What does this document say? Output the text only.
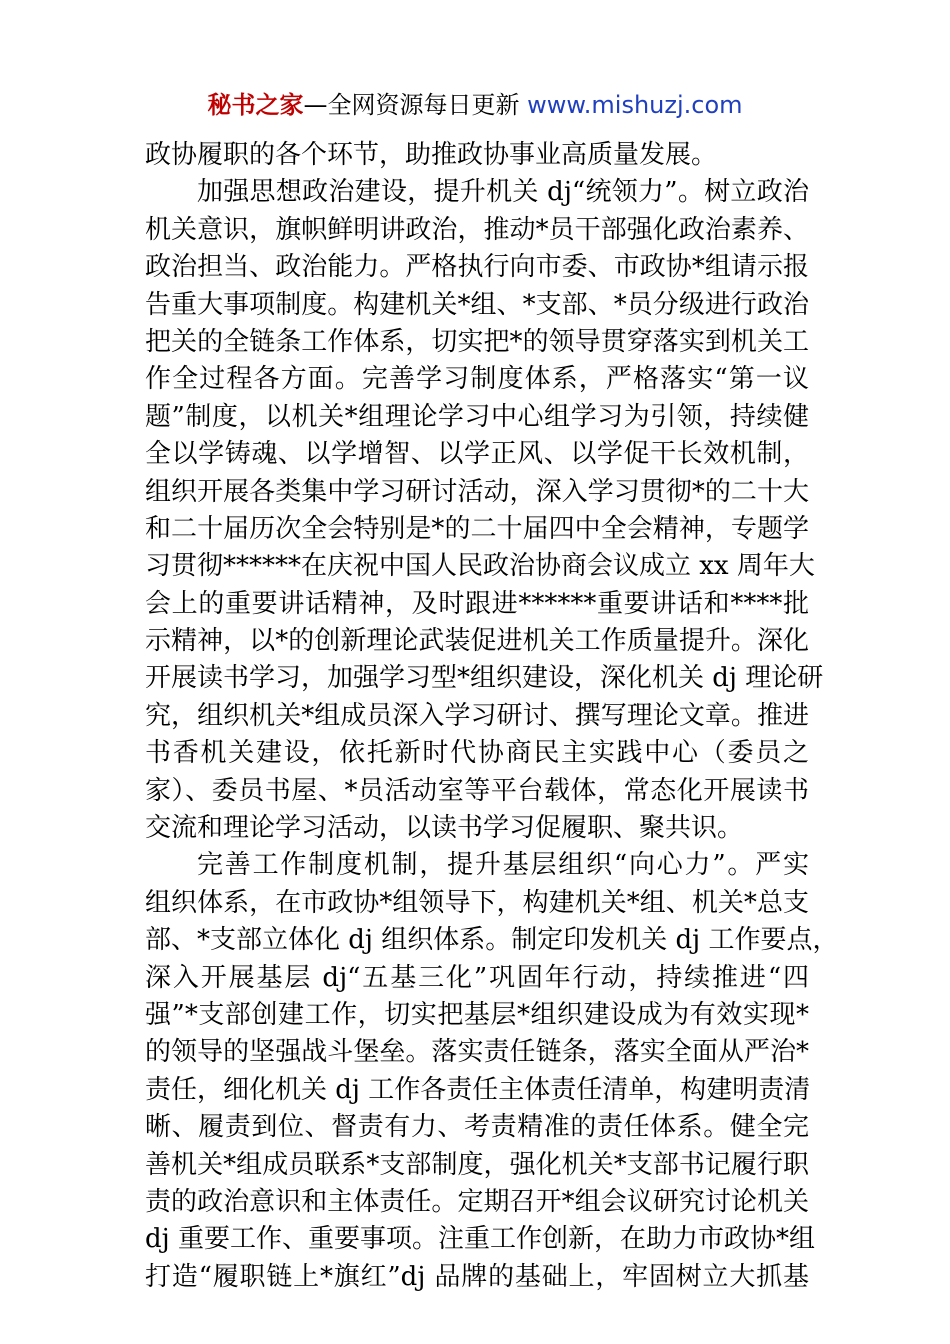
秘书之家—全网资源每日更新 www.mishuzj.com
政协履职的各个环节，助推政协事业高质量发展。
加强思想政治建设，提升机关 dj“统领力”。树立政治
机关意识，旗帜鲜明讲政治，推动*员干部强化政治素养、
政治担当、政治能力。严格执行向市委、市政协*组请示报
告重大事项制度。构建机关*组、*支部、*员分级进行政治
把关的全链条工作体系，切实把*的领导贯穿落实到机关工
作全过程各方面。完善学习制度体系，严格落实“第一议
题”制度，以机关*组理论学习中心组学习为引领，持续健
全以学铸魂、以学增智、以学正风、以学促干长效机制，
组织开展各类集中学习研讨活动，深入学习贯彻*的二十大
和二十届历次全会特别是*的二十届四中全会精神，专题学
习贯彻******在庆祝中国人民政治协商会议成立 xx 周年大
会上的重要讲话精神，及时跟进******重要讲话和****批
示精神，以*的创新理论武装促进机关工作质量提升。深化
开展读书学习，加强学习型*组织建设，深化机关 dj 理论研
究，组织机关*组成员深入学习研讨、撰写理论文章。推进
书香机关建设，依托新时代协商民主实践中心（委员之
家）、委员书屋、*员活动室等平台载体，常态化开展读书
交流和理论学习活动，以读书学习促履职、聚共识。
完善工作制度机制，提升基层组织“向心力”。严实
组织体系，在市政协*组领导下，构建机关*组、机关*总支
部、*支部立体化 dj 组织体系。制定印发机关 dj 工作要点，
深入开展基层 dj“五基三化”巩固年行动，持续推进“四
强”*支部创建工作，切实把基层*组织建设成为有效实现*
的领导的坚强战斗堡垒。落实责任链条，落实全面从严治*
责任，细化机关 dj 工作各责任主体责任清单，构建明责清
晰、履责到位、督责有力、考责精准的责任体系。健全完
善机关*组成员联系*支部制度，强化机关*支部书记履行职
责的政治意识和主体责任。定期召开*组会议研究讨论机关
dj 重要工作、重要事项。注重工作创新，在助力市政协*组
打造“履职链上*旗红”dj 品牌的基础上，牢固树立大抓基
